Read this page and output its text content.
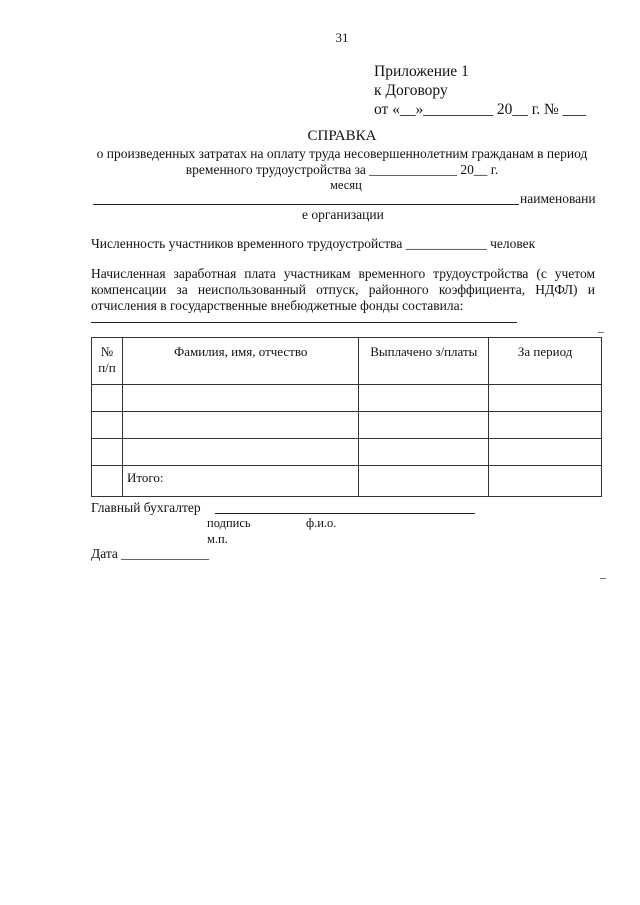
31
Приложение 1
к Договору
от «__»_________ 20__ г. № ___
СПРАВКА
о произведенных затратах на оплату труда несовершеннолетним гражданам в период
временного трудоустройства за _____________ 20__ г.
месяц
наименовани
е организации
Численность участников временного трудоустройства ____________ человек
Начисленная заработная плата участникам временного трудоустройства (с учетом
компенсации за неиспользованный отпуск, районного коэффициента, НДФЛ) и
отчисления в государственные внебюджетные фонды составила:
№ п/п	Фамилия, имя, отчество	Выплачено з/платы	За период

	Итого:		
Главный бухгалтер
подпись	ф.и.о.
м.п.
Дата _____________
